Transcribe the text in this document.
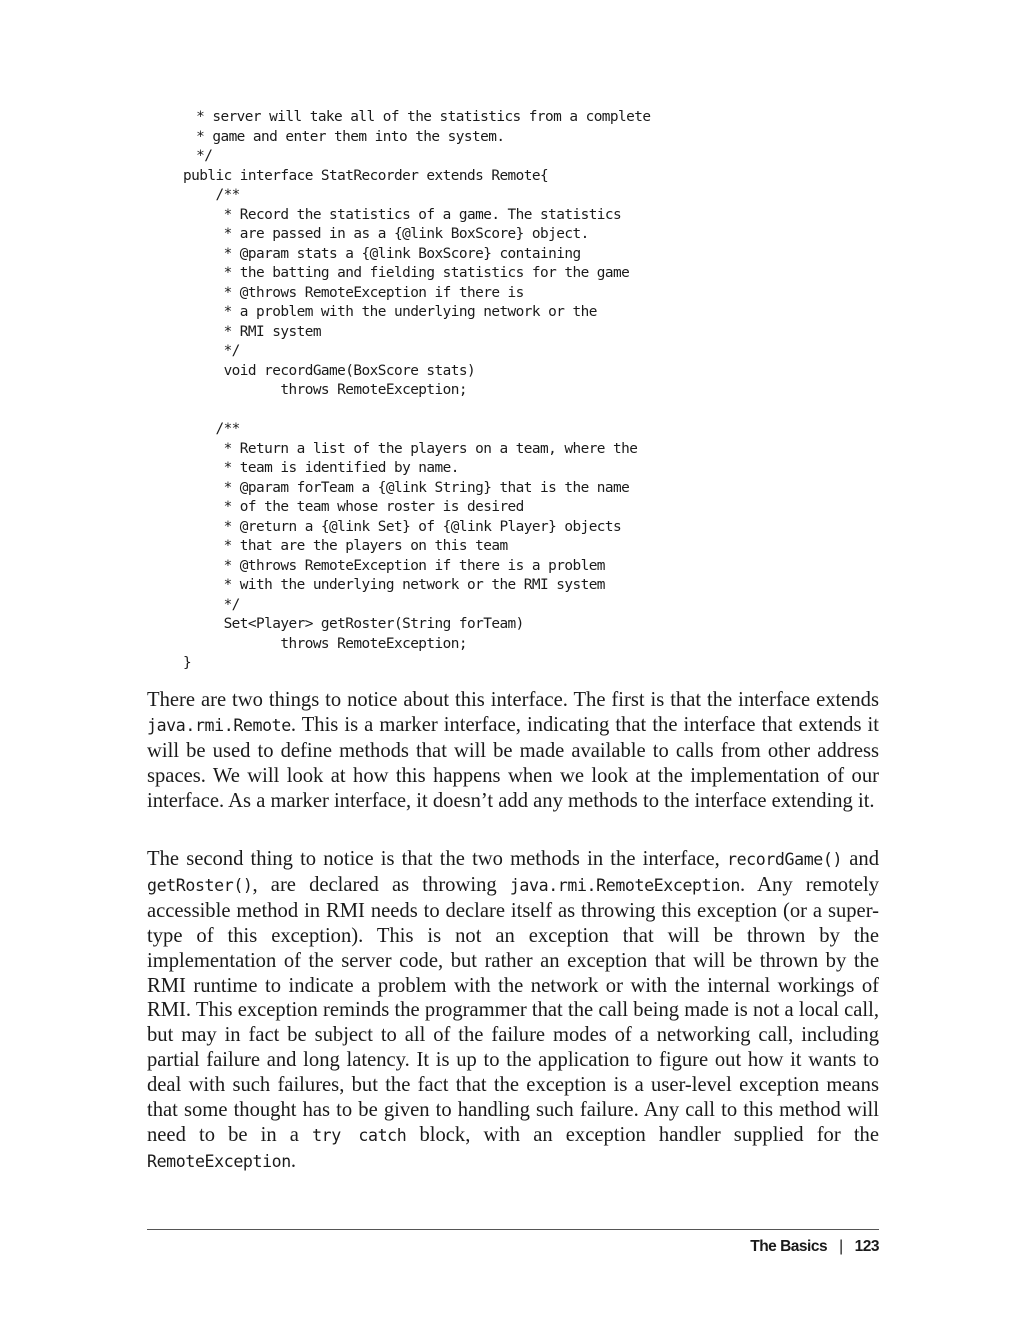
* server will take all of the statistics from a complete
* game and enter them into the system.
*/
public interface StatRecorder extends Remote{
/**
* Record the statistics of a game. The statistics
* are passed in as a {@link BoxScore} object.
* @param stats a {@link BoxScore} containing
* the batting and fielding statistics for the game
* @throws RemoteException if there is
* a problem with the underlying network or the
* RMI system
*/
void recordGame(BoxScore stats)
throws RemoteException;
/**
* Return a list of the players on a team, where the
* team is identified by name.
* @param forTeam a {@link String} that is the name
* of the team whose roster is desired
* @return a {@link Set} of {@link Player} objects
* that are the players on this team
* @throws RemoteException if there is a problem
* with the underlying network or the RMI system
*/
Set<Player> getRoster(String forTeam)
throws RemoteException;
}

There are two things to notice about this interface. The first is that the interface extends java.rmi.Remote. This is a marker interface, indicating that the interface that extends it will be used to define methods that will be made available to calls from other address spaces. We will look at how this happens when we look at the implementation of our interface. As a marker interface, it doesn’t add any methods to the interface extending it.

The second thing to notice is that the two methods in the interface, recordGame() and getRoster(), are declared as throwing java.rmi.RemoteException. Any remotely accessible method in RMI needs to declare itself as throwing this exception (or a super-type of this exception). This is not an exception that will be thrown by the implementation of the server code, but rather an exception that will be thrown by the RMI runtime to indicate a problem with the network or with the internal workings of RMI. This exception reminds the programmer that the call being made is not a local call, but may in fact be subject to all of the failure modes of a networking call, including partial failure and long latency. It is up to the application to figure out how it wants to deal with such failures, but the fact that the exception is a user-level exception means that some thought has to be given to handling such failure. Any call to this method will need to be in a try catch block, with an exception handler supplied for the RemoteException.

The Basics | 123
